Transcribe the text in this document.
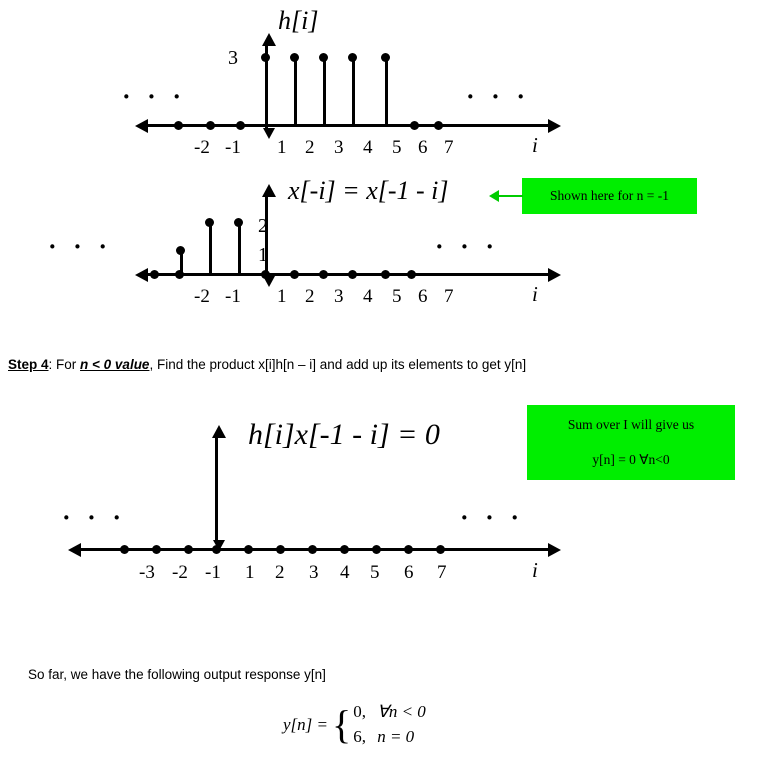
h[i]
3
· · ·	· · ·
-2 -1 1 2 3 4 5 6 7	i
x[-i] = x[-1 - i]
2
1
· · ·	· · ·
-2 -1 1 2 3 4 5 6 7	i
Shown here for n = -1
Step 4: For n < 0 value, Find the product x[i]h[n – i] and add up its elements to get y[n]
h[i]x[-1 - i] = 0
· · ·	· · ·
-3 -2 -1 1 2 3 4 5 6 7	i
Sum over I will give us
y[n] = 0 ∀n<0
So far, we have the following output response y[n]
y[n] = { 0, ∀n < 0
6, n = 0
